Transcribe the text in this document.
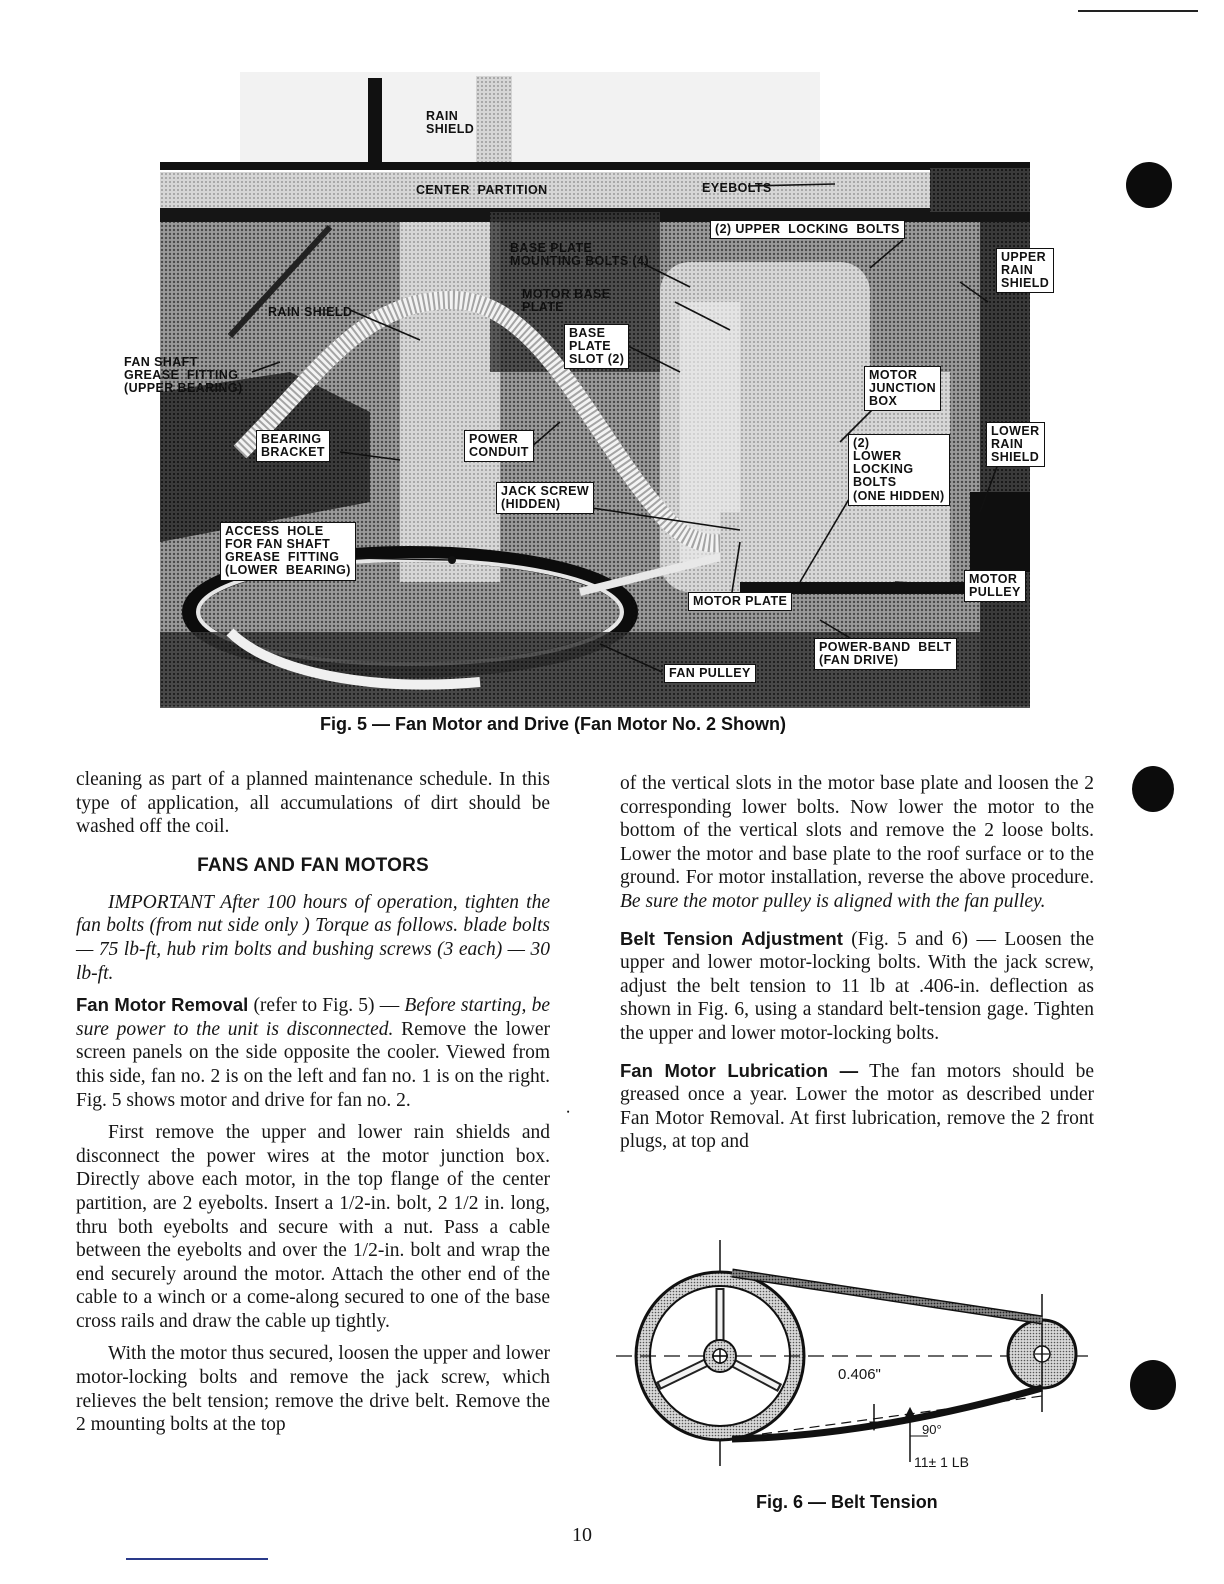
⸳
RAIN
SHIELD
CENTER  PARTITION	EYEBOLTS
(2) UPPER  LOCKING  BOLTS
BASE PLATE
MOUNTING BOLTS (4)	UPPER
RAIN
SHIELD
MOTOR BASE
PLATE
RAIN SHIELD
BASE
PLATE
SLOT (2)
FAN SHAFT
GREASE  FITTING
(UPPER BEARING)
MOTOR
JUNCTION
BOX
LOWER
RAIN
SHIELD
BEARING
BRACKET
POWER
CONDUIT
(2)
LOWER
LOCKING
BOLTS
(ONE HIDDEN)
JACK SCREW
(HIDDEN)
ACCESS  HOLE
FOR FAN SHAFT
GREASE  FITTING
(LOWER  BEARING)
MOTOR
PULLEY
MOTOR PLATE
POWER-BAND  BELT
(FAN DRIVE)
FAN PULLEY
Fig. 5 — Fan Motor and Drive (Fan Motor No. 2 Shown)

cleaning as part of a planned maintenance schedule. In this type of application, all accumulations of dirt should be washed off the coil.

FANS AND FAN MOTORS

IMPORTANT After 100 hours of operation, tighten the fan bolts (from nut side only ) Torque as follows. blade bolts — 75 lb-ft, hub rim bolts and bushing screws (3 each) — 30 lb-ft.

Fan Motor Removal (refer to Fig. 5) — Before starting, be sure power to the unit is disconnected. Remove the lower screen panels on the side opposite the cooler. Viewed from this side, fan no. 2 is on the left and fan no. 1 is on the right. Fig. 5 shows motor and drive for fan no. 2.

First remove the upper and lower rain shields and disconnect the power wires at the motor junction box. Directly above each motor, in the top flange of the center partition, are 2 eyebolts. Insert a 1/2-in. bolt, 2 1/2 in. long, thru both eyebolts and secure with a nut. Pass a cable between the eyebolts and over the 1/2-in. bolt and wrap the end securely around the motor. Attach the other end of the cable to a winch or a come-along secured to one of the base cross rails and draw the cable up tightly.

With the motor thus secured, loosen the upper and lower motor-locking bolts and remove the jack screw, which relieves the belt tension; remove the drive belt. Remove the 2 mounting bolts at the top

of the vertical slots in the motor base plate and loosen the 2 corresponding lower bolts. Now lower the motor to the bottom of the vertical slots and remove the 2 loose bolts. Lower the motor and base plate to the roof surface or to the ground. For motor installation, reverse the above procedure. Be sure the motor pulley is aligned with the fan pulley.

Belt Tension Adjustment (Fig. 5 and 6) — Loosen the upper and lower motor-locking bolts. With the jack screw, adjust the belt tension to 11 lb at .406-in. deflection as shown in Fig. 6, using a standard belt-tension gage. Tighten the upper and lower motor-locking bolts.

Fan Motor Lubrication — The fan motors should be greased once a year. Lower the motor as described under Fan Motor Removal. At first lubrication, remove the 2 front plugs, at top and

0.406"
90°
11± 1 LB
Fig. 6 — Belt Tension
10
